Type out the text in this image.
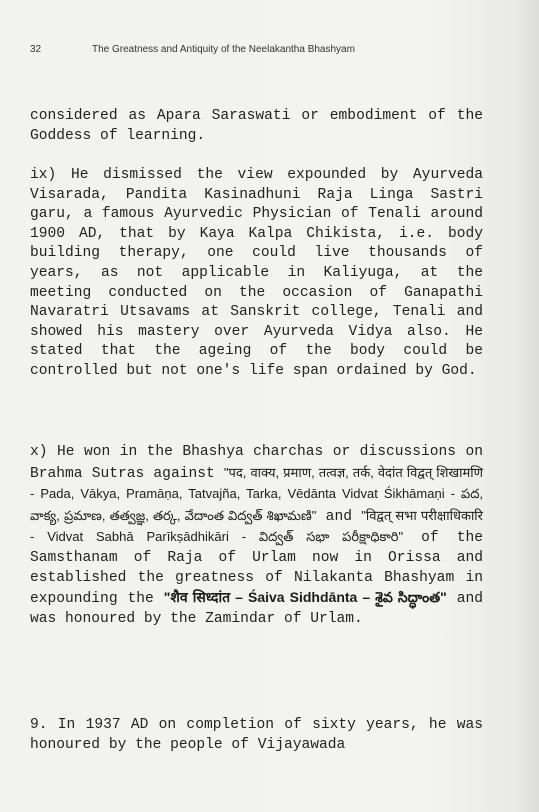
32	The Greatness and Antiquity of the Neelakantha Bhashyam
considered as Apara Saraswati or embodiment of the Goddess of learning.
ix) He dismissed the view expounded by Ayurveda Visarada, Pandita Kasinadhuni Raja Linga Sastri garu, a famous Ayurvedic Physician of Tenali around 1900 AD, that by Kaya Kalpa Chikista, i.e. body building therapy, one could live thousands of years, as not applicable in Kaliyuga, at the meeting conducted on the occasion of Ganapathi Navaratri Utsavams at Sanskrit college, Tenali and showed his mastery over Ayurveda Vidya also. He stated that the ageing of the body could be controlled but not one's life span ordained by God.
x) He won in the Bhashya charchas or discussions on Brahma Sutras against "पद, वाक्य, प्रमाण, तत्वज्ञ, तर्क, वेदांत विद्वत् शिखामणि - Pada, Vākya, Pramāṇa, Tatvajña, Tarka, Vēdānta Vidvat Śikhāmaṇi - పద, వాక్య, ప్రమాణ, తత్వజ్ఞ, తర్క, వేదాంత విద్వత్ శిఖామణి" and "विद्वत् सभा परीक्षाधिकारि - Vidvat Sabhā Parīkṣādhikāri - విద్వత్ సభా పరీక్షాధికారి" of the Samsthanam of Raja of Urlam now in Orissa and established the greatness of Nilakanta Bhashyam in expounding the "शैव सिध्दांत – Śaiva Sidhdānta – శైవ సిద్ధాంత" and was honoured by the Zamindar of Urlam.
9. In 1937 AD on completion of sixty years, he was honoured by the people of Vijayawada
